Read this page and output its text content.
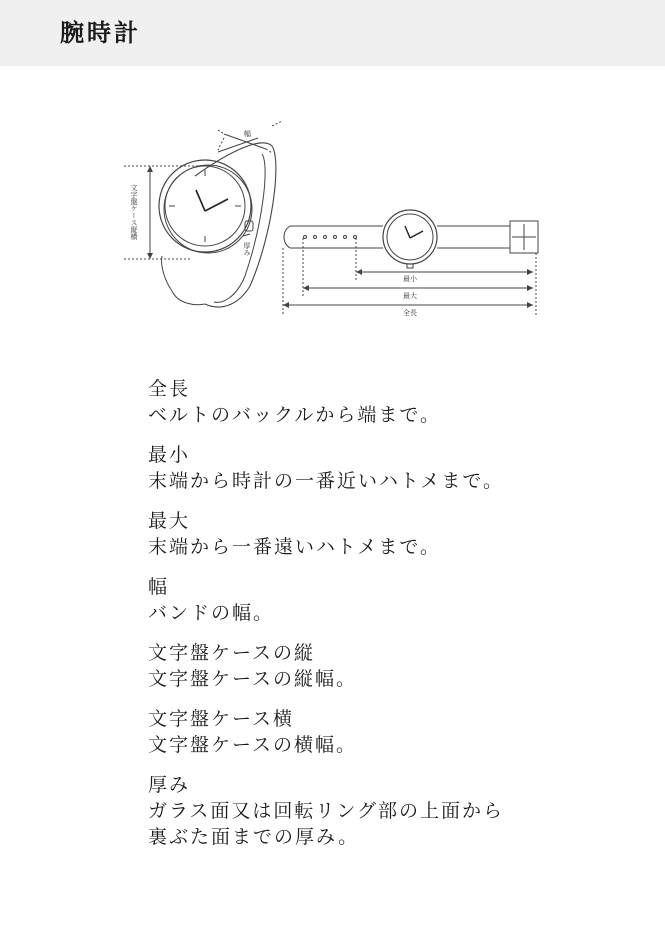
腕時計
幅
文字盤ケース縦横
厚み
最小
最大
全長
全長
ベルトのバックルから端まで。
最小
末端から時計の一番近いハトメまで。
最大
末端から一番遠いハトメまで。
幅
バンドの幅。
文字盤ケースの縦
文字盤ケースの縦幅。
文字盤ケース横
文字盤ケースの横幅。
厚み
ガラス面又は回転リング部の上面から
裏ぶた面までの厚み。
